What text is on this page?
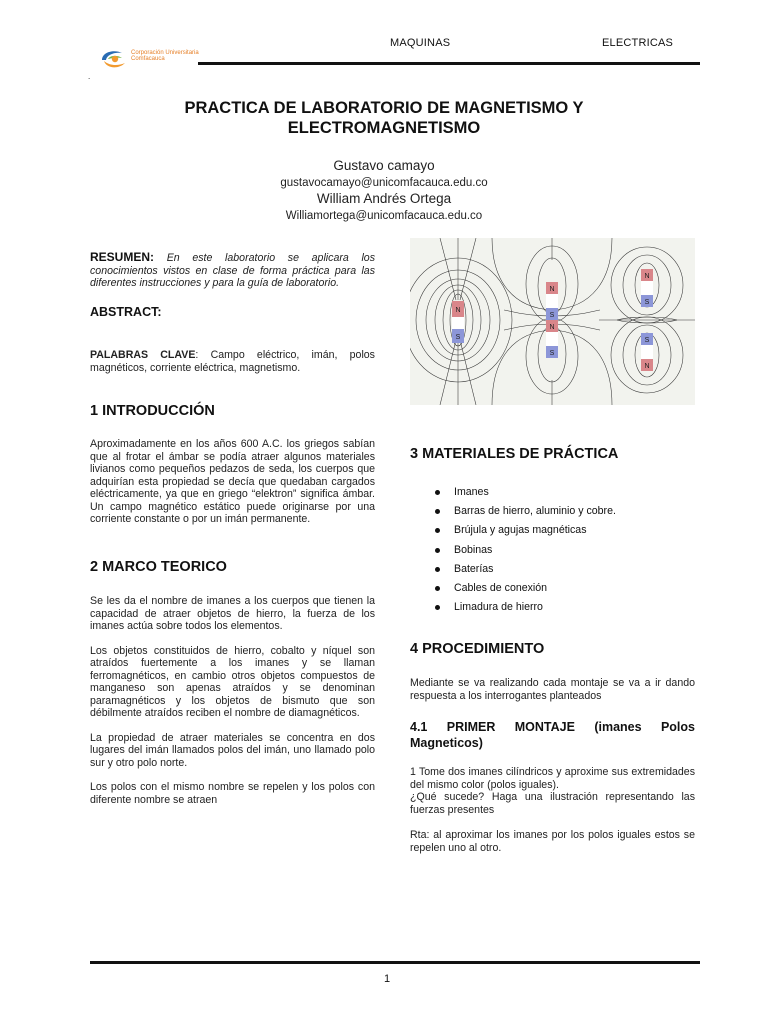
Corporación Universitaria Comfacauca
MAQUINAS	ELECTRICAS
.
PRACTICA DE LABORATORIO DE MAGNETISMO Y
ELECTROMAGNETISMO
Gustavo camayo
gustavocamayo@unicomfacauca.edu.co
William Andrés Ortega
Williamortega@unicomfacauca.edu.co
RESUMEN: En este laboratorio se aplicara los conocimientos vistos en clase de forma práctica para las diferentes instrucciones y para la guía de laboratorio.
ABSTRACT:
PALABRAS CLAVE: Campo eléctrico, imán, polos magnéticos, corriente eléctrica, magnetismo.
1 INTRODUCCIÓN
Aproximadamente en los años 600 A.C. los griegos sabían que al frotar el ámbar se podía atraer algunos materiales livianos como pequeños pedazos de seda, los cuerpos que adquirían esta propiedad se decía que quedaban cargados eléctricamente, ya que en griego “elektron” significa ámbar. Un campo magnético estático puede originarse por una corriente constante o por un imán permanente.
2 MARCO TEORICO

Se les da el nombre de imanes a los cuerpos que tienen la capacidad de atraer objetos de hierro, la fuerza de los imanes actúa sobre todos los elementos.

Los objetos constituidos de hierro, cobalto y níquel son atraídos fuertemente a los imanes y se llaman ferromagnéticos, en cambio otros objetos compuestos de manganeso son apenas atraídos y se denominan paramagnéticos y los objetos de bismuto que son débilmente atraídos reciben el nombre de diamagnéticos.

La propiedad de atraer materiales se concentra en dos lugares del imán llamados polos del imán, uno llamado polo sur y otro polo norte.

Los polos con el mismo nombre se repelen y los polos con diferente nombre se atraen

N
S
N
S
N
S
N
S
S
N
3 MATERIALES DE PRÁCTICA
Imanes
Barras de hierro, aluminio y cobre.
Brújula y agujas magnéticas
Bobinas
Baterías
Cables de conexión
Limadura de hierro
4 PROCEDIMIENTO
Mediante se va realizando cada montaje se va a ir dando respuesta a los interrogantes planteados
4.1 PRIMER MONTAJE (imanes Polos Magneticos)

1 Tome dos imanes cilíndricos y aproxime sus extremidades del mismo color (polos iguales).

¿Qué sucede? Haga una ilustración representando las fuerzas presentes

Rta: al aproximar los imanes por los polos iguales estos se repelen uno al otro.

1
